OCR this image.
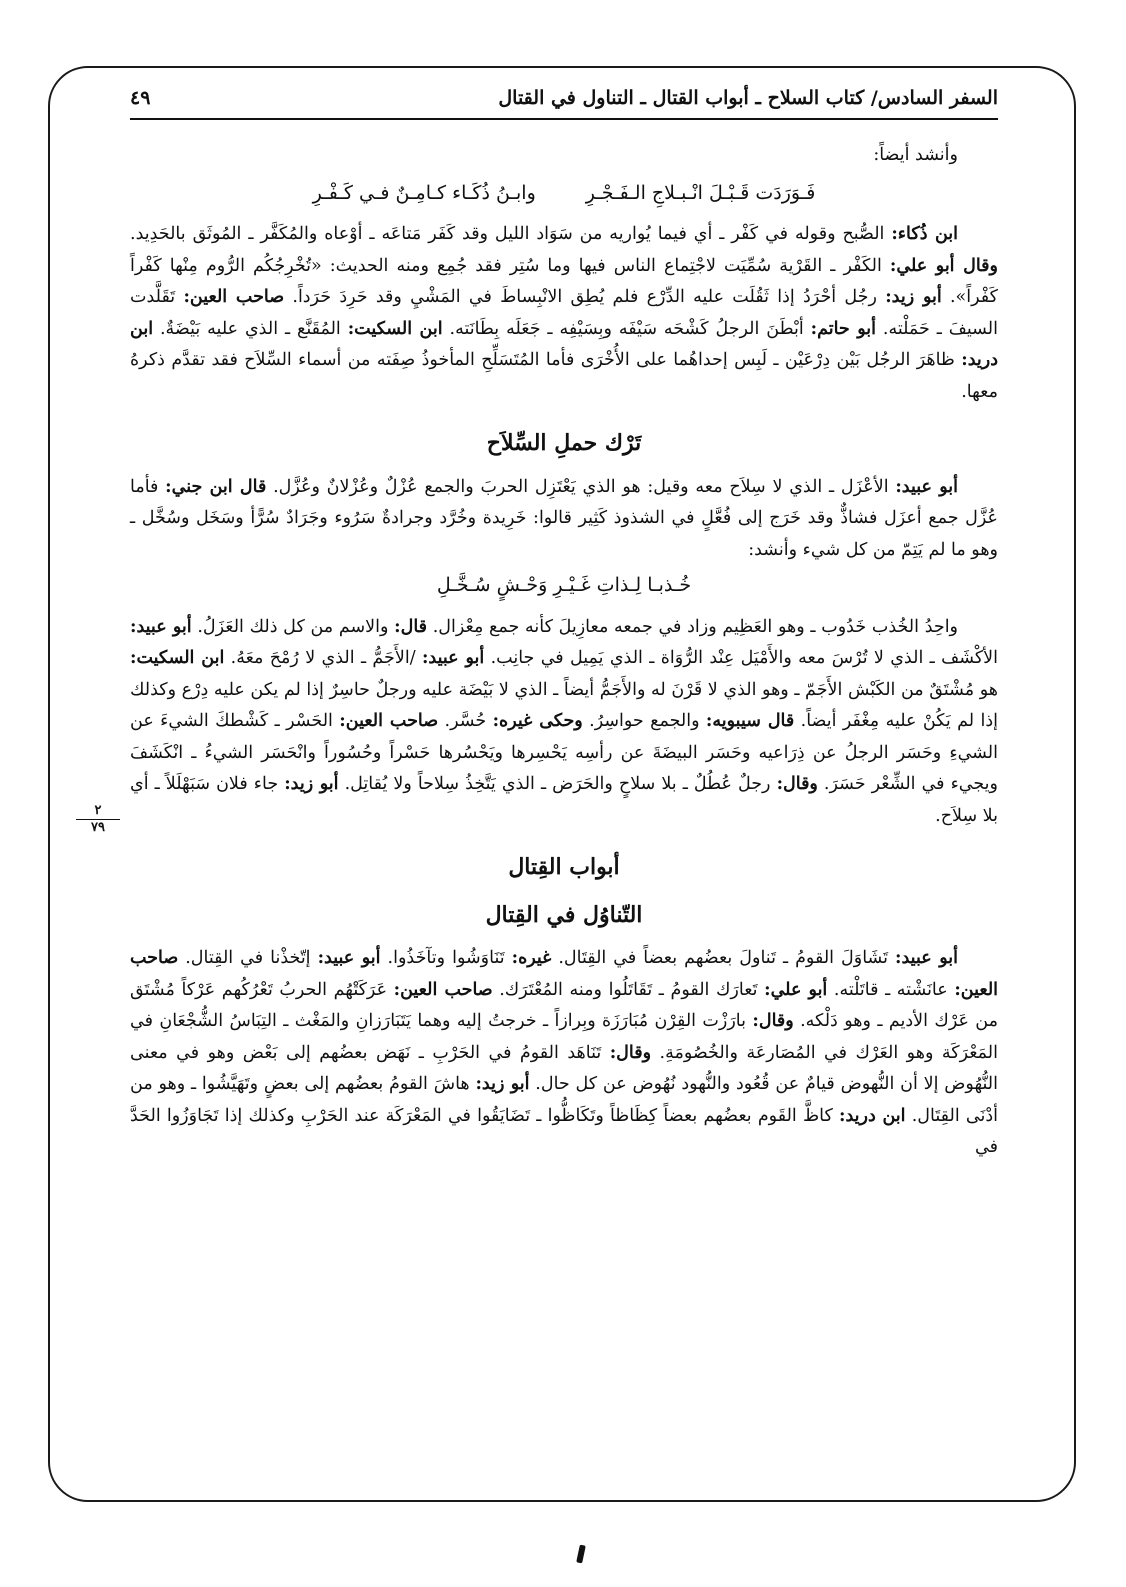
السفر السادس/ كتاب السلاح ـ أبواب القتال ـ التناول في القتال
٤٩
٢
٧٩

وأنشد أيضاً:

فَـوَرَدَت قَـبْـلَ انْـبـلاجِ الـفَـجْـرِ
وابـنُ ذُكَـاء كـامِـنٌ فـي كَـفْـرِ

ابن ذُكاء: الصُّبح وقوله في كَفْر ـ أي فيما يُواريه من سَوَاد الليل وقد كَفَر مَتاعَه ـ أوْعاه والمُكَفَّر ـ المُوثَق بالحَدِيد. وقال أبو علي: الكَفْر ـ القَرْية سُمِّيَت لاجْتِماع الناس فيها وما سُتِر فقد جُمِع ومنه الحديث: «تُخْرِجُكُم الرُّوم مِنْها كَفْراً كَفْراً». أبو زيد: رجُل أحْرَدُ إذا ثَقُلَت عليه الدِّرْع فلم يُطِق الانْبِساطَ في المَشْيِ وقد حَرِدَ حَرَداً. صاحب العين: تَقَلَّدت السيفَ ـ حَمَلْته. أبو حاتم: أبْطَنَ الرجلُ كَشْحَه سَيْفَه وبِسَيْفِه ـ جَعَلَه بِطَانَته. ابن السكيت: المُقَنَّع ـ الذي عليه بَيْضَةٌ. ابن دريد: ظاهَرَ الرجُل بَيْن دِرْعَيْن ـ لَبِس إحداهُما على الأُخْرَى فأما المُتَسَلِّحِ المأخوذُ صِفَته من أسماء السِّلاَح فقد تقدَّم ذكرهُ معها.

تَرْك حملِ السِّلاَح

أبو عبيد: الأعْزَل ـ الذي لا سِلاَح معه وقيل: هو الذي يَعْتَزِل الحربَ والجمع عُزْلٌ وعُزْلانٌ وعُزَّل. قال ابن جني: فأما عُزَّل جمع أعزَل فشاذٌّ وقد خَرَج إلى فُعَّلٍ في الشذوذ كَثِير قالوا: خَرِيدة وخُرَّد وجرادةٌ سَرُوء وجَرَادٌ سُرًّأ وسَخَل وسُخَّل ـ وهو ما لم يَتِمّ من كل شيء وأنشد:

خُـذبـا لِـذاتِ غَـيْـرِ وَحْـشٍ سُـخَّـلِ

واحِدُ الخُذب خَدُوب ـ وهو العَظِيم وزاد في جمعه معازِيلَ كأنه جمع مِعْزال. قال: والاسم من كل ذلك العَزَلُ. أبو عبيد: الأكْشَف ـ الذي لا تُرْسَ معه والأَمْيَل عِنْد الرُّوَاة ـ الذي يَمِيل في جانِب. أبو عبيد: /الأَجَمُّ ـ الذي لا رُمْحَ معَهُ. ابن السكيت: هو مُشْتَقٌ من الكَبْش الأَجَمّ ـ وهو الذي لا قَرْنَ له والأَجَمُّ أيضاً ـ الذي لا بَيْضَة عليه ورجلٌ حاسِرٌ إذا لم يكن عليه دِرْع وكذلك إذا لم يَكُنْ عليه مِغْفَر أيضاً. قال سيبويه: والجمع حواسِرُ. وحكى غيره: حُسَّر. صاحب العين: الحَسْر ـ كَشْطكَ الشيءَ عن الشيءِ وحَسَر الرجلُ عن ذِرَاعيه وحَسَر البيضَةَ عن رأسِه يَحْسِرها ويَحْسُرها حَسْراً وحُسُوراً وانْحَسَر الشيءُ ـ انْكَشَفَ ويجيء في الشِّعْر حَسَرَ. وقال: رجلٌ عُطُلٌ ـ بلا سلاحٍ والحَرَض ـ الذي يَتَّخِذُ سِلاحاً ولا يُقاتِل. أبو زيد: جاء فلان سَبَهْلَلاً ـ أي بلا سِلاَح.

أبواب القِتال
التّناوُل في القِتال

أبو عبيد: تَشَاوَلَ القومُ ـ تَناولَ بعضُهم بعضاً في القِتَال. غيره: تَنَاوَشُوا وتآخَذُوا. أبو عبيد: إتّخذْنا في القِتال. صاحب العين: عانَشْته ـ قاتَلْته. أبو علي: تَعارَك القومُ ـ تَقَاتَلُوا ومنه المُعْتَرَك. صاحب العين: عَرَكَتْهُم الحربُ تَعْرُكُهم عَرْكاً مُشْتَق من عَرْك الأديم ـ وهو دَلْكه. وقال: بارَزْت القِرْن مُبَارَزَة وبِرازاً ـ خرجتُ إليه وهما يَتَبَارَزانِ والمَغْث ـ التِبَاسُ الشُّجْعَانِ في المَعْرَكَة وهو العَرْك في المُصَارعَة والخُصُومَةِ. وقال: تَنَاهَد القومُ في الحَرْبِ ـ نَهَض بعضُهم إلى بَعْض وهو في معنى النُّهُوض إلا أن النُّهوض قيامٌ عن قُعُود والنُّهود نُهُوض عن كل حال. أبو زيد: هاشَ القومُ بعضُهم إلى بعضٍ وتَهَيَّشُوا ـ وهو من أدْنَى القِتَال. ابن دريد: كاظَّ القَوم بعضُهم بعضاً كِظَاظاً وتَكَاظُّوا ـ تَضَايَقُوا في المَعْرَكَة عند الحَرْبِ وكذلك إذا تَجَاوَزُوا الحَدَّ في
